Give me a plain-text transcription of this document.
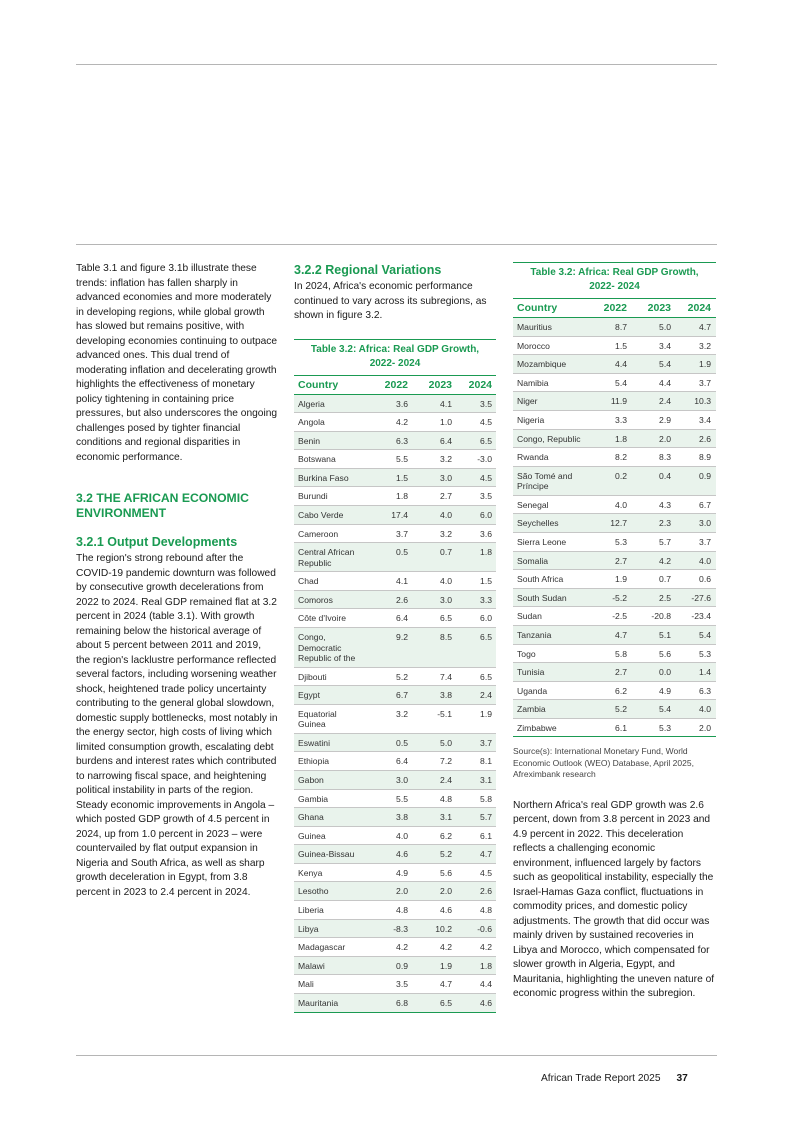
Table 3.1 and figure 3.1b illustrate these trends: inflation has fallen sharply in advanced economies and more moderately in developing regions, while global growth has slowed but remains positive, with developing economies continuing to outpace advanced ones. This dual trend of moderating inflation and decelerating growth highlights the effectiveness of monetary policy tightening in containing price pressures, but also underscores the ongoing challenges posed by tighter financial conditions and regional disparities in economic performance.

3.2 THE AFRICAN ECONOMIC ENVIRONMENT
3.2.1 Output Developments

The region's strong rebound after the COVID-19 pandemic downturn was followed by consecutive growth decelerations from 2022 to 2024. Real GDP remained flat at 3.2 percent in 2024 (table 3.1). With growth remaining below the historical average of about 5 percent between 2011 and 2019, the region's lacklustre performance reflected several factors, including worsening weather shock, heightened trade policy uncertainty contributing to the general global slowdown, domestic supply bottlenecks, most notably in the energy sector, high costs of living which limited consumption growth, escalating debt burdens and interest rates which contributed to narrowing fiscal space, and heightening political instability in parts of the region. Steady economic improvements in Angola – which posted GDP growth of 4.5 percent in 2024, up from 1.0 percent in 2023 – were countervailed by flat output expansion in Nigeria and South Africa, as well as sharp growth deceleration in Egypt, from 3.8 percent in 2023 to 2.4 percent in 2024.

3.2.2 Regional Variations

In 2024, Africa's economic performance continued to vary across its subregions, as shown in figure 3.2.

Table 3.2: Africa: Real GDP Growth, 2022- 2024
Country	2022	2023	2024
Algeria	3.6	4.1	3.5
Angola	4.2	1.0	4.5
Benin	6.3	6.4	6.5
Botswana	5.5	3.2	-3.0
Burkina Faso	1.5	3.0	4.5
Burundi	1.8	2.7	3.5
Cabo Verde	17.4	4.0	6.0
Cameroon	3.7	3.2	3.6
Central African Republic
0.5	0.7	1.8
Chad	4.1	4.0	1.5
Comoros	2.6	3.0	3.3
Côte d'Ivoire	6.4	6.5	6.0
Congo, Democratic Republic of the
9.2	8.5	6.5
Djibouti	5.2	7.4	6.5
Egypt	6.7	3.8	2.4
Equatorial Guinea
3.2	-5.1	1.9
Eswatini	0.5	5.0	3.7
Ethiopia	6.4	7.2	8.1
Gabon	3.0	2.4	3.1
Gambia	5.5	4.8	5.8
Ghana	3.8	3.1	5.7
Guinea	4.0	6.2	6.1
Guinea-Bissau	4.6	5.2	4.7
Kenya	4.9	5.6	4.5
Lesotho	2.0	2.0	2.6
Liberia	4.8	4.6	4.8
Libya	-8.3	10.2	-0.6
Madagascar	4.2	4.2	4.2
Malawi	0.9	1.9	1.8
Mali	3.5	4.7	4.4
Mauritania	6.8	6.5	4.6
Table 3.2: Africa: Real GDP Growth, 2022- 2024
Country	2022	2023	2024
Mauritius	8.7	5.0	4.7
Morocco	1.5	3.4	3.2
Mozambique	4.4	5.4	1.9
Namibia	5.4	4.4	3.7
Niger	11.9	2.4	10.3
Nigeria	3.3	2.9	3.4
Congo, Republic	1.8	2.0	2.6
Rwanda	8.2	8.3	8.9
São Tomé and Príncipe
0.2	0.4	0.9
Senegal	4.0	4.3	6.7
Seychelles	12.7	2.3	3.0
Sierra Leone	5.3	5.7	3.7
Somalia	2.7	4.2	4.0
South Africa	1.9	0.7	0.6
South Sudan	-5.2	2.5	-27.6
Sudan	-2.5	-20.8	-23.4
Tanzania	4.7	5.1	5.4
Togo	5.8	5.6	5.3
Tunisia	2.7	0.0	1.4
Uganda	6.2	4.9	6.3
Zambia	5.2	5.4	4.0
Zimbabwe	6.1	5.3	2.0

Source(s): International Monetary Fund, World Economic Outlook (WEO) Database, April 2025, Afreximbank research

Northern Africa's real GDP growth was 2.6 percent, down from 3.8 percent in 2023 and 4.9 percent in 2022. This deceleration reflects a challenging economic environment, influenced largely by factors such as geopolitical instability, especially the Israel-Hamas Gaza conflict, fluctuations in commodity prices, and domestic policy adjustments. The growth that did occur was mainly driven by sustained recoveries in Libya and Morocco, which compensated for slower growth in Algeria, Egypt, and Mauritania, highlighting the uneven nature of economic progress within the subregion.

African Trade Report 2025 37
